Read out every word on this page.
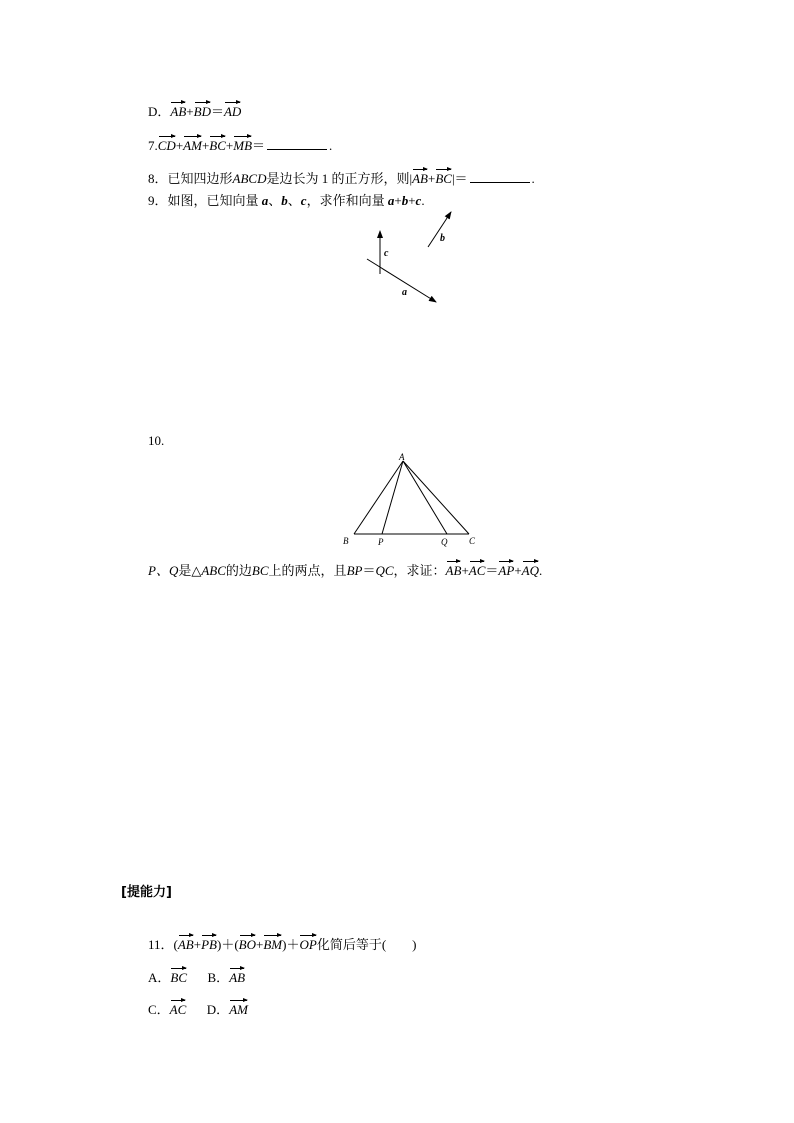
D．AB+BD＝AD
7.CD+AM+BC+MB＝	.
8．已知四边形ABCD是边长为 1 的正方形，则|AB+BC|＝	.
9．如图，已知向量 a、b、c，求作和向量 a+b+c.
c
b
a
10.
A
B	C
P	Q
P、Q是△ABC的边BC上的两点，且BP＝QC，求证：AB+AC＝AP+AQ.
[提能力]
11．(AB+PB)＋(BO+BM)＋OP化简后等于(　　)
A．BC B．AB
C．AC D．AM
